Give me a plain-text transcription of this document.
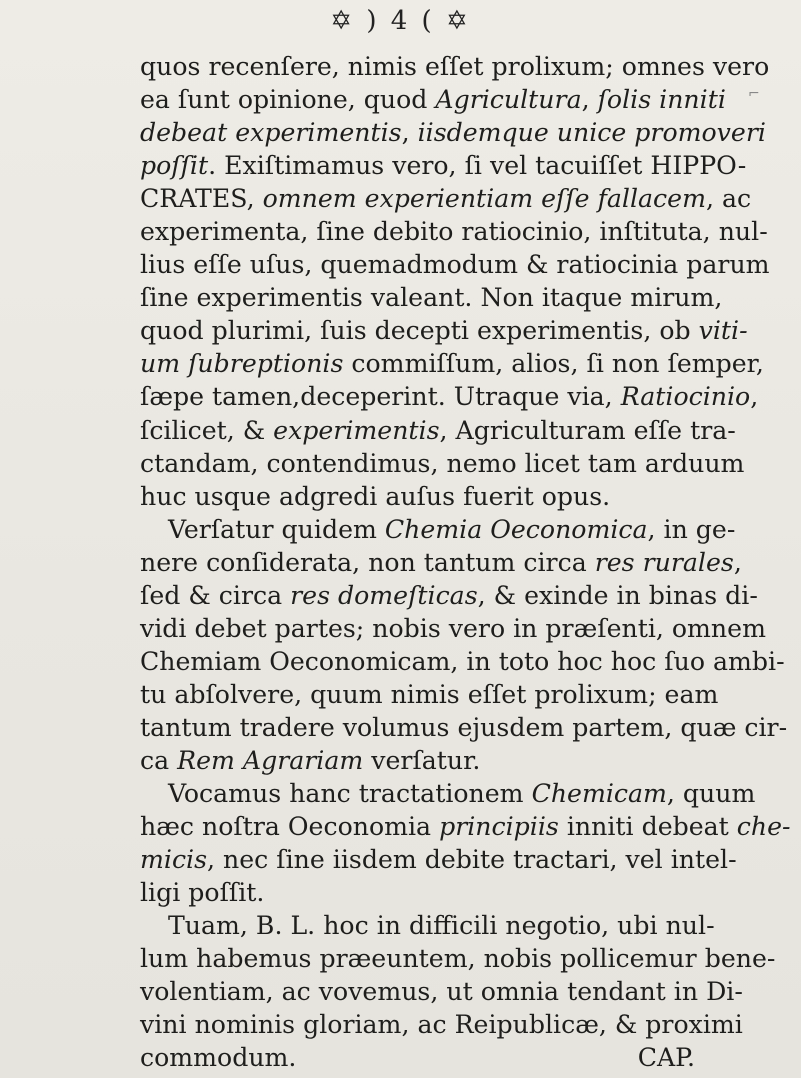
✡ ) 4 ( ✡
quos recenſere, nimis eſſet prolixum; omnes vero
ea ſunt opinione, quod Agricultura, ſolis inniti
debeat experimentis, iisdemque unice promoveri
poſſit. Exiſtimamus vero, ſi vel tacuiſſet HIPPO-
CRATES, omnem experientiam eſſe fallacem, ac
experimenta, ſine debito ratiocinio, inſtituta, nul-
lius eſſe uſus, quemadmodum & ratiocinia parum
ſine experimentis valeant. Non itaque mirum,
quod plurimi, ſuis decepti experimentis, ob viti-
um ſubreptionis commiſſum, alios, ſi non ſemper,
ſæpe tamen,deceperint. Utraque via, Ratiocinio,
ſcilicet, & experimentis, Agriculturam eſſe tra-
ctandam, contendimus, nemo licet tam arduum
huc usque adgredi auſus fuerit opus.
Verſatur quidem Chemia Oeconomica, in ge-
nere conſiderata, non tantum circa res rurales,
ſed & circa res domeſticas, & exinde in binas di-
vidi debet partes; nobis vero in præſenti, omnem
Chemiam Oeconomicam, in toto hoc hoc ſuo ambi-
tu abſolvere, quum nimis eſſet prolixum; eam
tantum tradere volumus ejusdem partem, quæ cir-
ca Rem Agrariam verſatur.
Vocamus hanc tractationem Chemicam, quum
hæc noſtra Oeconomia principiis inniti debeat che-
micis, nec ſine iisdem debite tractari, vel intel-
ligi poſſit.
Tuam, B. L. hoc in difficili negotio, ubi nul-
lum habemus præeuntem, nobis pollicemur bene-
volentiam, ac vovemus, ut omnia tendant in Di-
vini nominis gloriam, ac Reipublicæ, & proximi
commodum.	CAP.
⌐
